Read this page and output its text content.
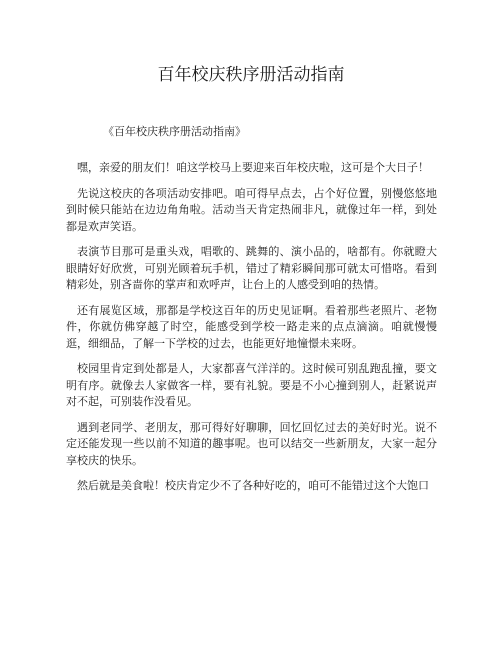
百年校庆秩序册活动指南
《百年校庆秩序册活动指南》

嘿，亲爱的朋友们！咱这学校马上要迎来百年校庆啦，这可是个大日子！

先说这校庆的各项活动安排吧。咱可得早点去，占个好位置，别慢悠悠地到时候只能站在边边角角啦。活动当天肯定热闹非凡，就像过年一样，到处都是欢声笑语。

表演节目那可是重头戏，唱歌的、跳舞的、演小品的，啥都有。你就瞪大眼睛好好欣赏，可别光顾着玩手机，错过了精彩瞬间那可就太可惜咯。看到精彩处，别吝啬你的掌声和欢呼声，让台上的人感受到咱的热情。

还有展览区域，那都是学校这百年的历史见证啊。看着那些老照片、老物件，你就仿佛穿越了时空，能感受到学校一路走来的点点滴滴。咱就慢慢逛，细细品，了解一下学校的过去，也能更好地憧憬未来呀。

校园里肯定到处都是人，大家都喜气洋洋的。这时候可别乱跑乱撞，要文明有序。就像去人家做客一样，要有礼貌。要是不小心撞到别人，赶紧说声对不起，可别装作没看见。

遇到老同学、老朋友，那可得好好聊聊，回忆回忆过去的美好时光。说不定还能发现一些以前不知道的趣事呢。也可以结交一些新朋友，大家一起分享校庆的快乐。

然后就是美食啦！校庆肯定少不了各种好吃的，咱可不能错过这个大饱口
